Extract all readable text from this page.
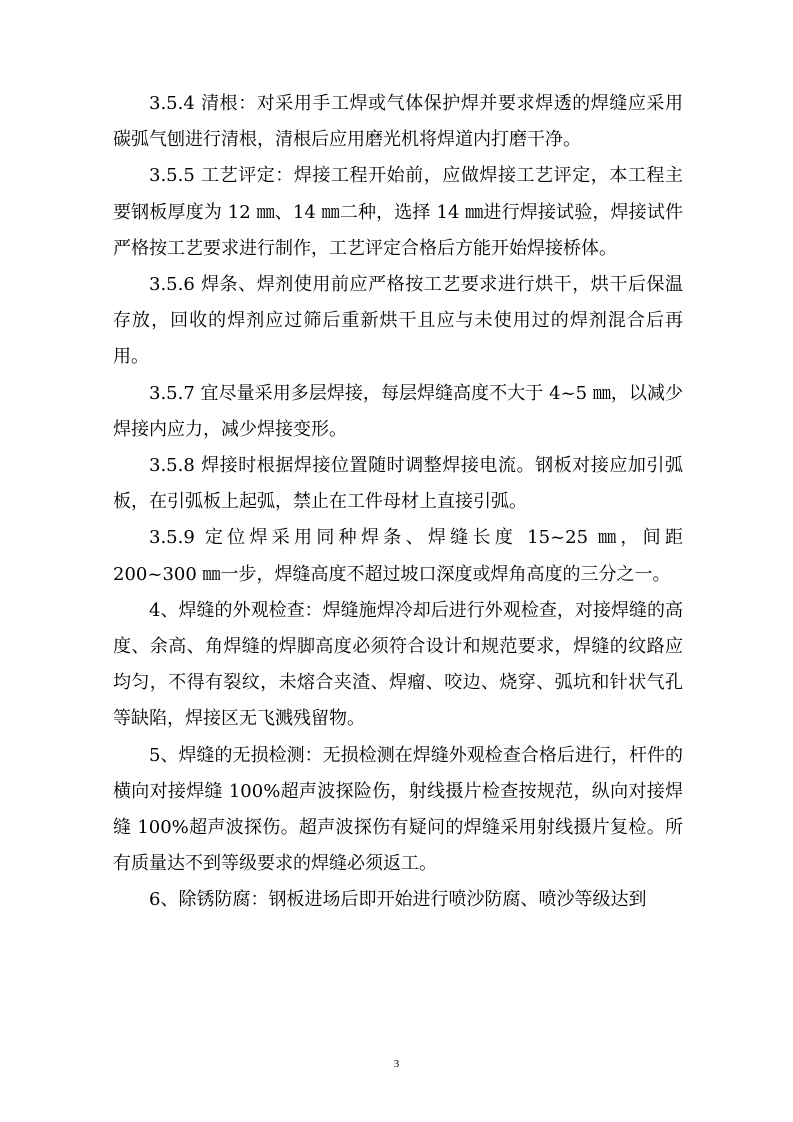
3.5.4 清根：对采用手工焊或气体保护焊并要求焊透的焊缝应采用碳弧气刨进行清根，清根后应用磨光机将焊道内打磨干净。

3.5.5 工艺评定：焊接工程开始前，应做焊接工艺评定，本工程主要钢板厚度为 12 ㎜、14 ㎜二种，选择 14 ㎜进行焊接试验，焊接试件严格按工艺要求进行制作，工艺评定合格后方能开始焊接桥体。

3.5.6 焊条、焊剂使用前应严格按工艺要求进行烘干，烘干后保温存放，回收的焊剂应过筛后重新烘干且应与未使用过的焊剂混合后再用。

3.5.7 宜尽量采用多层焊接，每层焊缝高度不大于 4~5 ㎜，以减少焊接内应力，减少焊接变形。

3.5.8 焊接时根据焊接位置随时调整焊接电流。钢板对接应加引弧板，在引弧板上起弧，禁止在工件母材上直接引弧。

3.5.9 定位焊采用同种焊条、焊缝长度 15~25 ㎜，间距 200~300 ㎜一步，焊缝高度不超过坡口深度或焊角高度的三分之一。

4、焊缝的外观检查：焊缝施焊冷却后进行外观检查，对接焊缝的高度、余高、角焊缝的焊脚高度必须符合设计和规范要求，焊缝的纹路应均匀，不得有裂纹，未熔合夹渣、焊瘤、咬边、烧穿、弧坑和针状气孔等缺陷，焊接区无飞溅残留物。

5、焊缝的无损检测：无损检测在焊缝外观检查合格后进行，杆件的横向对接焊缝 100%超声波探险伤，射线摄片检查按规范，纵向对接焊缝 100%超声波探伤。超声波探伤有疑问的焊缝采用射线摄片复检。所有质量达不到等级要求的焊缝必须返工。

6、除锈防腐：钢板进场后即开始进行喷沙防腐、喷沙等级达到

3
